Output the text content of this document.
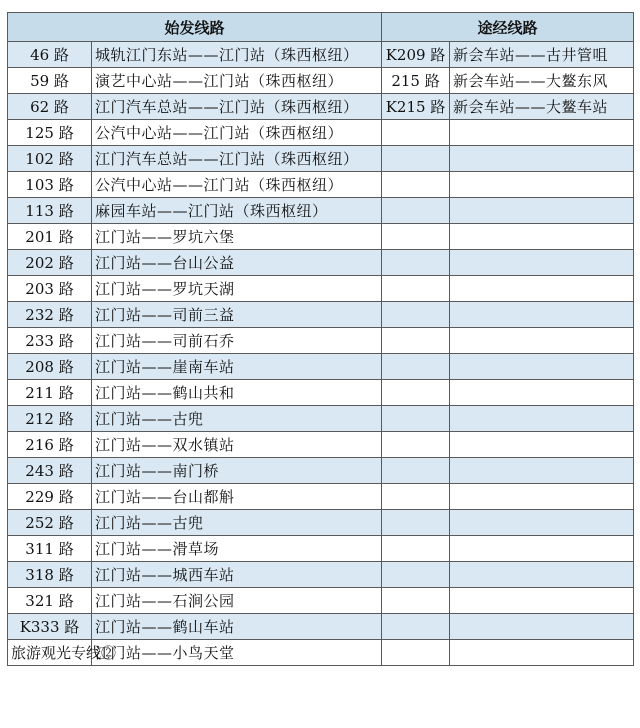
始发线路		途经线路	
46 路	城轨江门东站——江门站（珠西枢纽）	K209 路	新会车站——古井管咀
59 路	演艺中心站——江门站（珠西枢纽）	215 路	新会车站——大鳌东风
62 路	江门汽车总站——江门站（珠西枢纽）	K215 路	新会车站——大鳌车站
125 路	公汽中心站——江门站（珠西枢纽）		
102 路	江门汽车总站——江门站（珠西枢纽）		
103 路	公汽中心站——江门站（珠西枢纽）		
113 路	麻园车站——江门站（珠西枢纽）		
201 路	江门站——罗坑六堡		
202 路	江门站——台山公益		
203 路	江门站——罗坑天湖		
232 路	江门站——司前三益		
233 路	江门站——司前石乔		
208 路	江门站——崖南车站		
211 路	江门站——鹤山共和		
212 路	江门站——古兜		
216 路	江门站——双水镇站		
243 路	江门站——南门桥		
229 路	江门站——台山都斛		
252 路	江门站——古兜		
311 路	江门站——滑草场		
318 路	江门站——城西车站		
321 路	江门站——石涧公园		
K333 路	江门站——鹤山车站		
旅游观光专线②	江门站——小鸟天堂		
